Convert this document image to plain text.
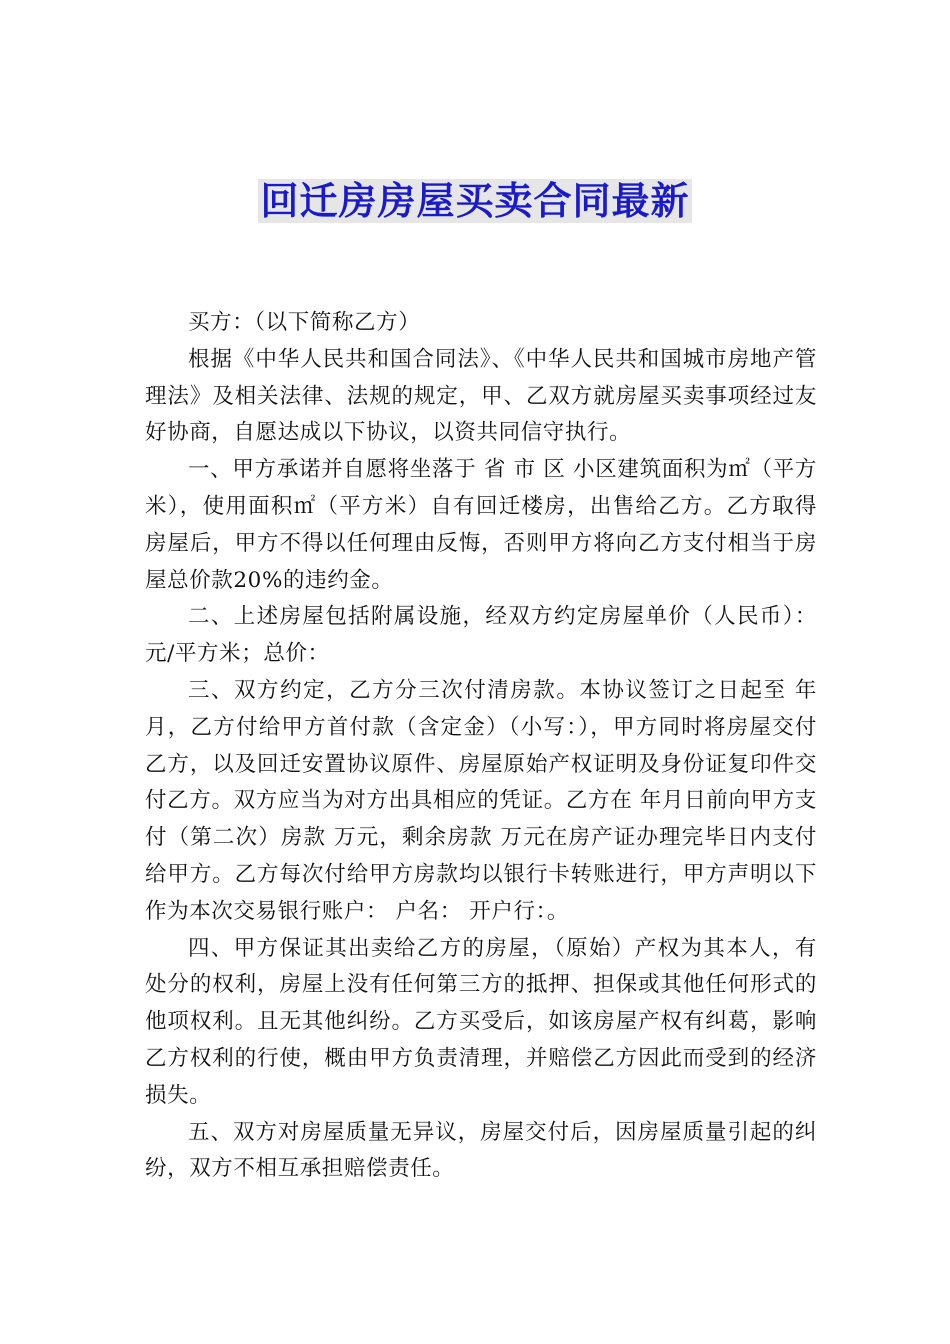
回迁房房屋买卖合同最新

买方：（以下简称乙方）

根据《中华人民共和国合同法》、《中华人民共和国城市房地产管理法》及相关法律、法规的规定，甲、乙双方就房屋买卖事项经过友好协商，自愿达成以下协议，以资共同信守执行。

一、甲方承诺并自愿将坐落于 省 市 区 小区建筑面积为㎡（平方米），使用面积㎡（平方米）自有回迁楼房，出售给乙方。乙方取得房屋后，甲方不得以任何理由反悔，否则甲方将向乙方支付相当于房屋总价款20%的违约金。

二、上述房屋包括附属设施，经双方约定房屋单价（人民币）：元/平方米；总价：

三、双方约定，乙方分三次付清房款。本协议签订之日起至 年月，乙方付给甲方首付款（含定金）（小写：），甲方同时将房屋交付乙方，以及回迁安置协议原件、房屋原始产权证明及身份证复印件交付乙方。双方应当为对方出具相应的凭证。乙方在 年月日前向甲方支付（第二次）房款 万元，剩余房款 万元在房产证办理完毕日内支付给甲方。乙方每次付给甲方房款均以银行卡转账进行，甲方声明以下作为本次交易银行账户： 户名： 开户行：。

四、甲方保证其出卖给乙方的房屋，（原始）产权为其本人，有处分的权利，房屋上没有任何第三方的抵押、担保或其他任何形式的他项权利。且无其他纠纷。乙方买受后，如该房屋产权有纠葛，影响乙方权利的行使，概由甲方负责清理，并赔偿乙方因此而受到的经济损失。

五、双方对房屋质量无异议，房屋交付后，因房屋质量引起的纠纷，双方不相互承担赔偿责任。
